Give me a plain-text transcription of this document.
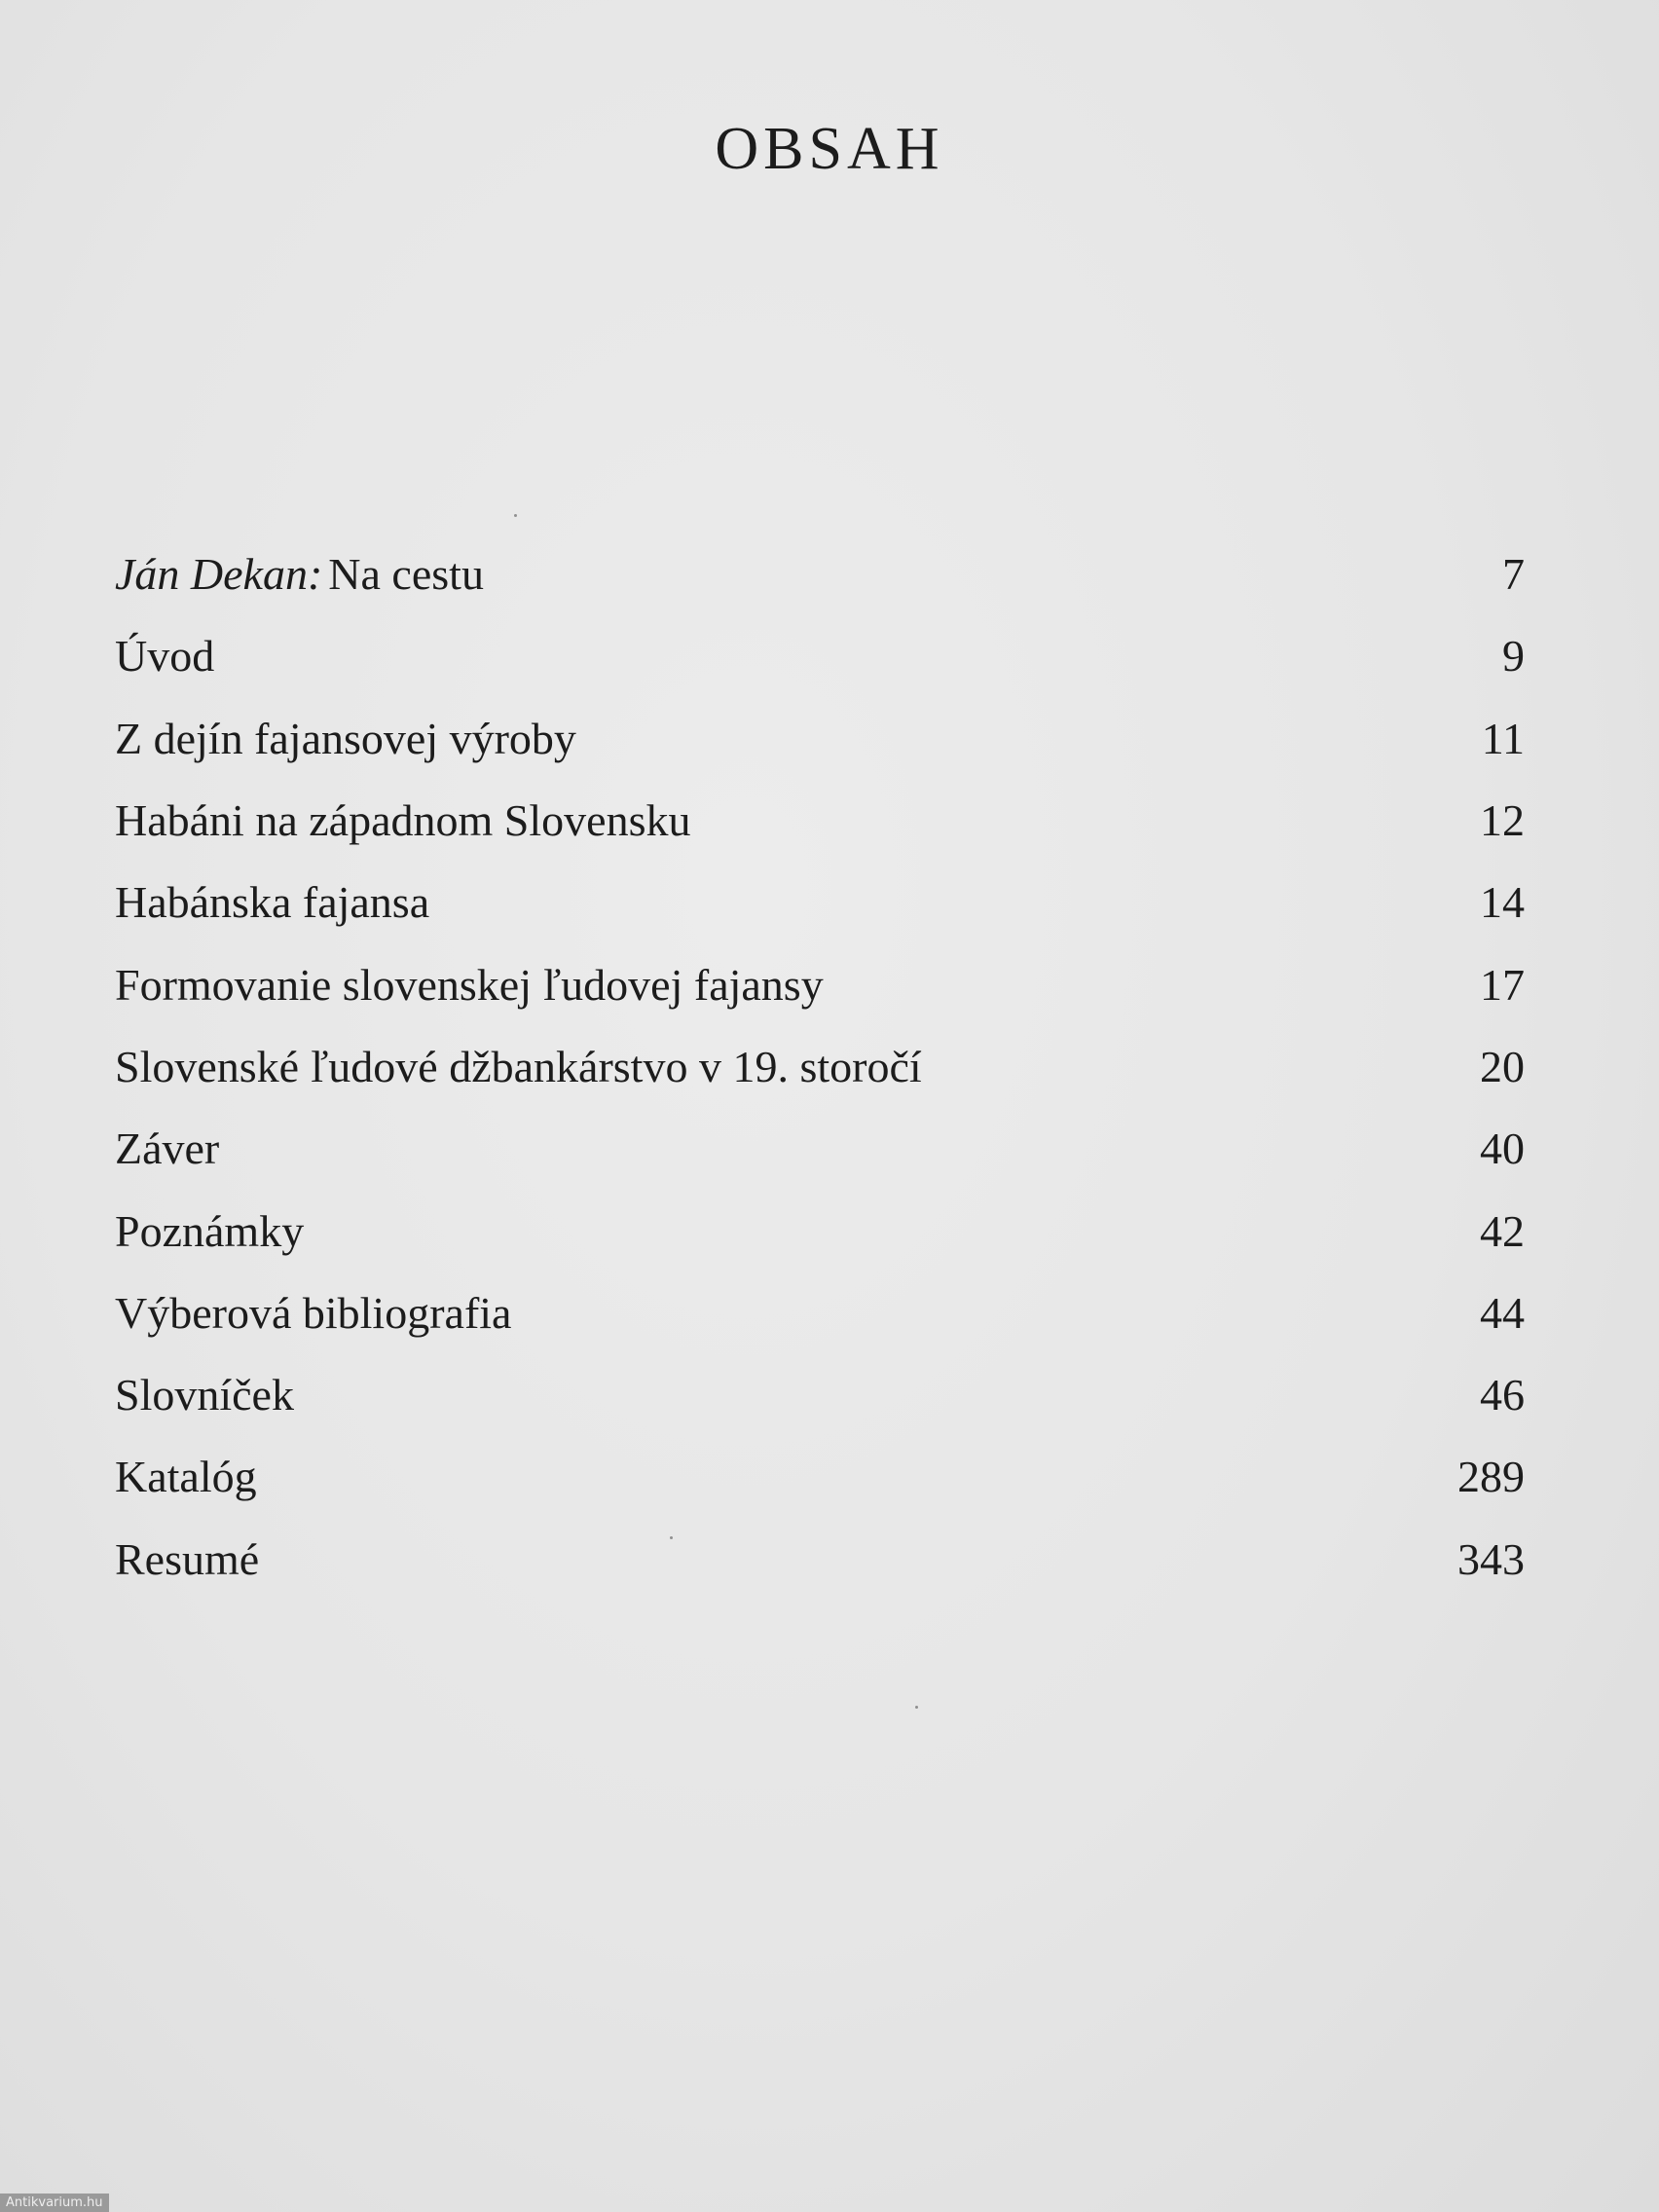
OBSAH
Ján Dekan: Na cestu	7
Úvod	9
Z dejín fajansovej výroby	11
Habáni na západnom Slovensku	12
Habánska fajansa	14
Formovanie slovenskej ľudovej fajansy	17
Slovenské ľudové džbankárstvo v 19. storočí	20
Záver	40
Poznámky	42
Výberová bibliografia	44
Slovníček	46
Katalóg	289
Resumé	343
Antikvarium.hu
